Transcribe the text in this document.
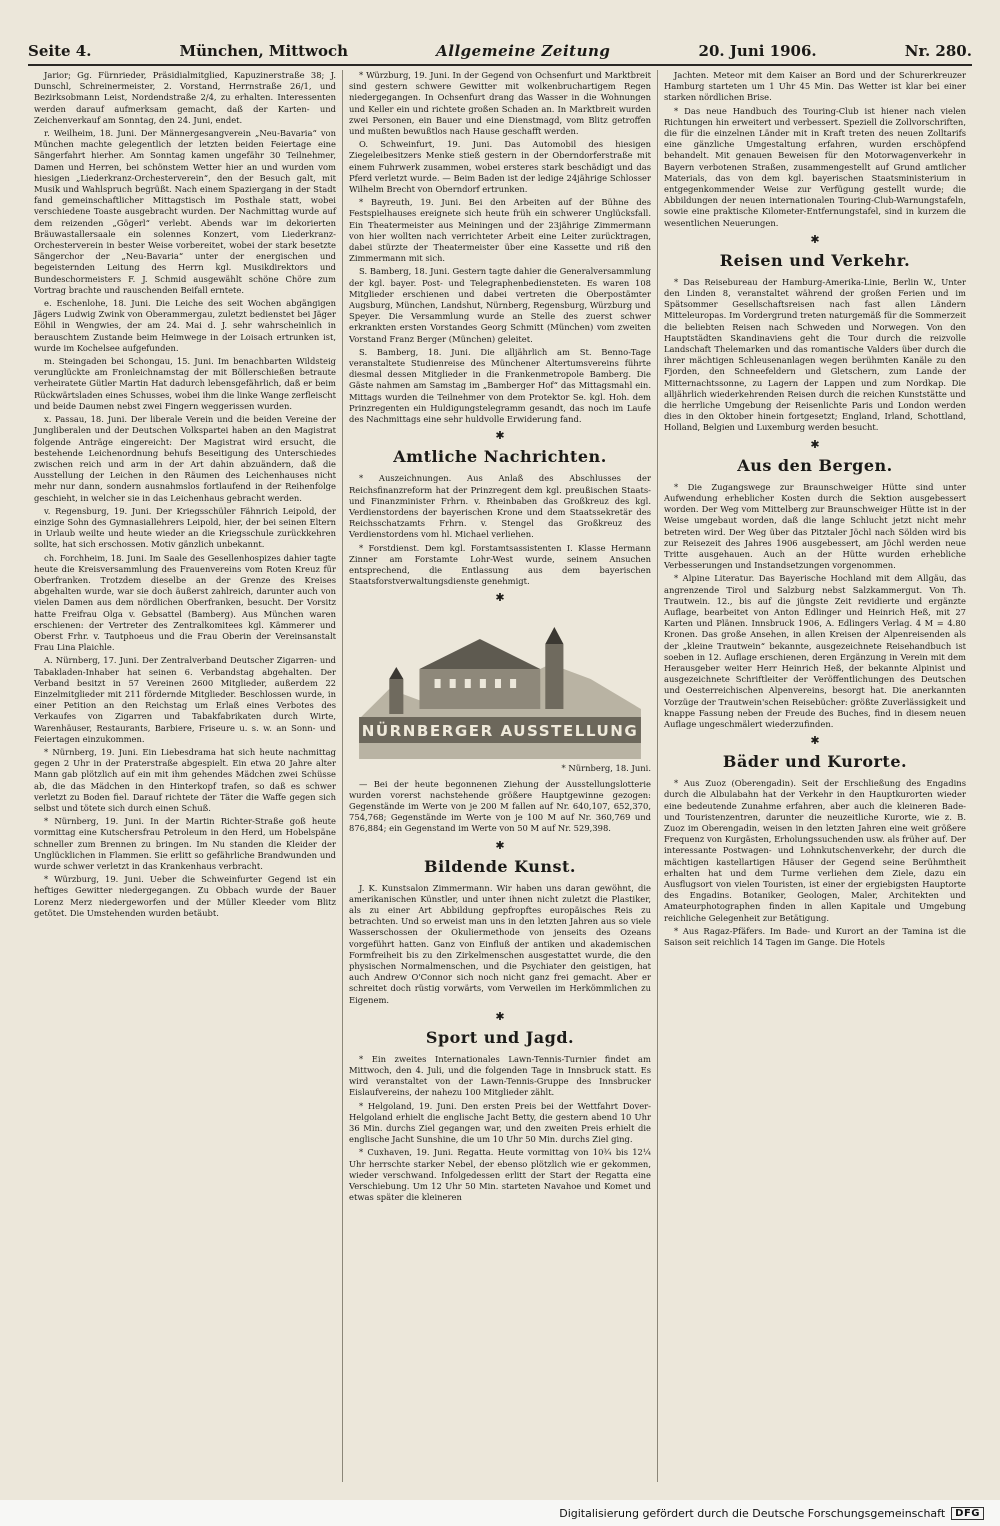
Seite 4.	München, Mittwoch	Allgemeine Zeitung	20. Juni 1906.	Nr. 280.

Jarior; Gg. Fürnrieder, Präsidialmitglied, Kapuzinerstraße 38; J. Dunschl, Schreinermeister, 2. Vorstand, Herrnstraße 26/1, und Bezirksobmann Leist, Nordendstraße 2/4, zu erhalten. Interessenten werden darauf aufmerksam gemacht, daß der Karten- und Zeichenverkauf am Sonntag, den 24. Juni, endet.

r. Weilheim, 18. Juni. Der Männergesangverein „Neu-Bavaria“ von München machte gelegentlich der letzten beiden Feiertage eine Sängerfahrt hierher. Am Sonntag kamen ungefähr 30 Teilnehmer, Damen und Herren, bei schönstem Wetter hier an und wurden vom hiesigen „Liederkranz-Orchesterverein“, den der Besuch galt, mit Musik und Wahlspruch begrüßt. Nach einem Spaziergang in der Stadt fand gemeinschaftlicher Mittagstisch im Posthale statt, wobei verschiedene Toaste ausgebracht wurden. Der Nachmittag wurde auf dem reizenden „Gögerl“ verlebt. Abends war im dekorierten Bräuwastallersaale ein solennes Konzert, vom Liederkranz-Orchesterverein in bester Weise vorbereitet, wobei der stark besetzte Sängerchor der „Neu-Bavaria“ unter der energischen und begeisternden Leitung des Herrn kgl. Musikdirektors und Bundeschormeisters F. J. Schmid ausgewählt schöne Chöre zum Vortrag brachte und rauschenden Beifall erntete.

e. Eschenlohe, 18. Juni. Die Leiche des seit Wochen abgängigen Jägers Ludwig Zwink von Oberammergau, zuletzt bedienstet bei Jäger Eöhil in Wengwies, der am 24. Mai d. J. sehr wahrscheinlich in berauschtem Zustande beim Heimwege in der Loisach ertrunken ist, wurde im Kochelsee aufgefunden.

m. Steingaden bei Schongau, 15. Juni. Im benachbarten Wildsteig verunglückte am Fronleichnamstag der mit Böllerschießen betraute verheiratete Gütler Martin Hat dadurch lebensgefährlich, daß er beim Rückwärtsladen eines Schusses, wobei ihm die linke Wange zerfleischt und beide Daumen nebst zwei Fingern weggerissen wurden.

x. Passau, 18. Juni. Der liberale Verein und die beiden Vereine der Jungliberalen und der Deutschen Volkspartei haben an den Magistrat folgende Anträge eingereicht: Der Magistrat wird ersucht, die bestehende Leichenordnung behufs Beseitigung des Unterschiedes zwischen reich und arm in der Art dahin abzuändern, daß die Ausstellung der Leichen in den Räumen des Leichenhauses nicht mehr nur dann, sondern ausnahmslos fortlaufend in der Reihenfolge geschieht, in welcher sie in das Leichenhaus gebracht werden.

v. Regensburg, 19. Juni. Der Kriegsschüler Fähnrich Leipold, der einzige Sohn des Gymnasiallehrers Leipold, hier, der bei seinen Eltern in Urlaub weilte und heute wieder an die Kriegsschule zurückkehren sollte, hat sich erschossen. Motiv gänzlich unbekannt.

ch. Forchheim, 18. Juni. Im Saale des Gesellenhospizes dahier tagte heute die Kreisversammlung des Frauenvereins vom Roten Kreuz für Oberfranken. Trotzdem dieselbe an der Grenze des Kreises abgehalten wurde, war sie doch äußerst zahlreich, darunter auch von vielen Damen aus dem nördlichen Oberfranken, besucht. Der Vorsitz hatte Freifrau Olga v. Gebsattel (Bamberg). Aus München waren erschienen: der Vertreter des Zentralkomitees kgl. Kämmerer und Oberst Frhr. v. Tautphoeus und die Frau Oberin der Vereinsanstalt Frau Lina Plaichle.

A. Nürnberg, 17. Juni. Der Zentralverband Deutscher Zigarren- und Tabakladen-Inhaber hat seinen 6. Verbandstag abgehalten. Der Verband besitzt in 57 Vereinen 2600 Mitglieder, außerdem 22 Einzelmitglieder mit 211 fördernde Mitglieder. Beschlossen wurde, in einer Petition an den Reichstag um Erlaß eines Verbotes des Verkaufes von Zigarren und Tabakfabrikaten durch Wirte, Warenhäuser, Restaurants, Barbiere, Friseure u. s. w. an Sonn- und Feiertagen einzukommen.

* Nürnberg, 19. Juni. Ein Liebesdrama hat sich heute nachmittag gegen 2 Uhr in der Praterstraße abgespielt. Ein etwa 20 Jahre alter Mann gab plötzlich auf ein mit ihm gehendes Mädchen zwei Schüsse ab, die das Mädchen in den Hinterkopf trafen, so daß es schwer verletzt zu Boden fiel. Darauf richtete der Täter die Waffe gegen sich selbst und tötete sich durch einen Schuß.

* Nürnberg, 19. Juni. In der Martin Richter-Straße goß heute vormittag eine Kutschersfrau Petroleum in den Herd, um Hobelspäne schneller zum Brennen zu bringen. Im Nu standen die Kleider der Unglücklichen in Flammen. Sie erlitt so gefährliche Brandwunden und wurde schwer verletzt in das Krankenhaus verbracht.

* Würzburg, 19. Juni. Ueber die Schweinfurter Gegend ist ein heftiges Gewitter niedergegangen. Zu Obbach wurde der Bauer Lorenz Merz niedergeworfen und der Müller Kleeder vom Blitz getötet. Die Umstehenden wurden betäubt.

* Würzburg, 19. Juni. In der Gegend von Ochsenfurt und Marktbreit sind gestern schwere Gewitter mit wolkenbruchartigem Regen niedergegangen. In Ochsenfurt drang das Wasser in die Wohnungen und Keller ein und richtete großen Schaden an. In Marktbreit wurden zwei Personen, ein Bauer und eine Dienstmagd, vom Blitz getroffen und mußten bewußtlos nach Hause geschafft werden.

O. Schweinfurt, 19. Juni. Das Automobil des hiesigen Ziegeleibesitzers Menke stieß gestern in der Oberndorferstraße mit einem Fuhrwerk zusammen, wobei ersteres stark beschädigt und das Pferd verletzt wurde. — Beim Baden ist der ledige 24jährige Schlosser Wilhelm Brecht von Oberndorf ertrunken.

* Bayreuth, 19. Juni. Bei den Arbeiten auf der Bühne des Festspielhauses ereignete sich heute früh ein schwerer Unglücksfall. Ein Theatermeister aus Meiningen und der 23jährige Zimmermann von hier wollten nach verrichteter Arbeit eine Leiter zurücktragen, dabei stürzte der Theatermeister über eine Kassette und riß den Zimmermann mit sich.

S. Bamberg, 18. Juni. Gestern tagte dahier die Generalversammlung der kgl. bayer. Post- und Telegraphenbediensteten. Es waren 108 Mitglieder erschienen und dabei vertreten die Oberpostämter Augsburg, München, Landshut, Nürnberg, Regensburg, Würzburg und Speyer. Die Versammlung wurde an Stelle des zuerst schwer erkrankten ersten Vorstandes Georg Schmitt (München) vom zweiten Vorstand Franz Berger (München) geleitet.

S. Bamberg, 18. Juni. Die alljährlich am St. Benno-Tage veranstaltete Studienreise des Münchener Altertumsvereins führte diesmal dessen Mitglieder in die Frankenmetropole Bamberg. Die Gäste nahmen am Samstag im „Bamberger Hof“ das Mittagsmahl ein. Mittags wurden die Teilnehmer von dem Protektor Se. kgl. Hoh. dem Prinzregenten ein Huldigungstelegramm gesandt, das noch im Laufe des Nachmittags eine sehr huldvolle Erwiderung fand.

✱
Amtliche Nachrichten.

* Auszeichnungen. Aus Anlaß des Abschlusses der Reichsfinanzreform hat der Prinzregent dem kgl. preußischen Staats- und Finanzminister Frhrn. v. Rheinbaben das Großkreuz des kgl. Verdienstordens der bayerischen Krone und dem Staatssekretär des Reichsschatzamts Frhrn. v. Stengel das Großkreuz des Verdienstordens vom hl. Michael verliehen.

* Forstdienst. Dem kgl. Forstamtsassistenten I. Klasse Hermann Zinner am Forstamte Lohr-West wurde, seinem Ansuchen entsprechend, die Entlassung aus dem bayerischen Staatsforstverwaltungsdienste genehmigt.

✱
NÜRNBERGER AUSSTELLUNG
* Nürnberg, 18. Juni.

— Bei der heute begonnenen Ziehung der Ausstellungslotterie wurden vorerst nachstehende größere Hauptgewinne gezogen: Gegenstände im Werte von je 200 M fallen auf Nr. 640,107, 652,370, 754,768; Gegenstände im Werte von je 100 M auf Nr. 360,769 und 876,884; ein Gegenstand im Werte von 50 M auf Nr. 529,398.

✱
Bildende Kunst.

J. K. Kunstsalon Zimmermann. Wir haben uns daran gewöhnt, die amerikanischen Künstler, und unter ihnen nicht zuletzt die Plastiker, als zu einer Art Abbildung gepfropftes europäisches Reis zu betrachten. Und so erweist man uns in den letzten Jahren aus so viele Wasserschossen der Okuliermethode von jenseits des Ozeans vorgeführt hatten. Ganz von Einfluß der antiken und akademischen Formfreiheit bis zu den Zirkelmenschen ausgestattet wurde, die den physischen Normalmenschen, und die Psychiater den geistigen, hat auch Andrew O'Connor sich noch nicht ganz frei gemacht. Aber er schreitet doch rüstig vorwärts, vom Verweilen im Herkömmlichen zu Eigenem.

✱
Sport und Jagd.

* Ein zweites Internationales Lawn-Tennis-Turnier findet am Mittwoch, den 4. Juli, und die folgenden Tage in Innsbruck statt. Es wird veranstaltet von der Lawn-Tennis-Gruppe des Innsbrucker Eislaufvereins, der nahezu 100 Mitglieder zählt.

* Helgoland, 19. Juni. Den ersten Preis bei der Wettfahrt Dover-Helgoland erhielt die englische Jacht Betty, die gestern abend 10 Uhr 36 Min. durchs Ziel gegangen war, und den zweiten Preis erhielt die englische Jacht Sunshine, die um 10 Uhr 50 Min. durchs Ziel ging.

* Cuxhaven, 19. Juni. Regatta. Heute vormittag von 10¾ bis 12¼ Uhr herrschte starker Nebel, der ebenso plötzlich wie er gekommen, wieder verschwand. Infolgedessen erlitt der Start der Regatta eine Verschiebung. Um 12 Uhr 50 Min. starteten Navahoe und Komet und etwas später die kleineren

Jachten. Meteor mit dem Kaiser an Bord und der Schurerkreuzer Hamburg starteten um 1 Uhr 45 Min. Das Wetter ist klar bei einer starken nördlichen Brise.

* Das neue Handbuch des Touring-Club ist hiener nach vielen Richtungen hin erweitert und verbessert. Speziell die Zollvorschriften, die für die einzelnen Länder mit in Kraft treten des neuen Zolltarifs eine gänzliche Umgestaltung erfahren, wurden erschöpfend behandelt. Mit genauen Beweisen für den Motorwagenverkehr in Bayern verbotenen Straßen, zusammengestellt auf Grund amtlicher Materials, das von dem kgl. bayerischen Staatsministerium in entgegenkommender Weise zur Verfügung gestellt wurde; die Abbildungen der neuen internationalen Touring-Club-Warnungstafeln, sowie eine praktische Kilometer-Entfernungstafel, sind in kurzem die wesentlichen Neuerungen.

✱
Reisen und Verkehr.

* Das Reisebureau der Hamburg-Amerika-Linie, Berlin W., Unter den Linden 8, veranstaltet während der großen Ferien und im Spätsommer Gesellschaftsreisen nach fast allen Ländern Mitteleuropas. Im Vordergrund treten naturgemäß für die Sommerzeit die beliebten Reisen nach Schweden und Norwegen. Von den Hauptstädten Skandinaviens geht die Tour durch die reizvolle Landschaft Thelemarken und das romantische Valders über durch die ihrer mächtigen Schleusenanlagen wegen berühmten Kanäle zu den Fjorden, den Schneefeldern und Gletschern, zum Lande der Mitternachtssonne, zu Lagern der Lappen und zum Nordkap. Die alljährlich wiederkehrenden Reisen durch die reichen Kunststätte und die herrliche Umgebung der Reisenlichte Paris und London werden dies in den Oktober hinein fortgesetzt; England, Irland, Schottland, Holland, Belgien und Luxemburg werden besucht.

✱
Aus den Bergen.

* Die Zugangswege zur Braunschweiger Hütte sind unter Aufwendung erheblicher Kosten durch die Sektion ausgebessert worden. Der Weg vom Mittelberg zur Braunschweiger Hütte ist in der Weise umgebaut worden, daß die lange Schlucht jetzt nicht mehr betreten wird. Der Weg über das Pitztaler Jöchl nach Sölden wird bis zur Reisezeit des Jahres 1906 ausgebessert, am Jöchl werden neue Tritte ausgehauen. Auch an der Hütte wurden erhebliche Verbesserungen und Instandsetzungen vorgenommen.

* Alpine Literatur. Das Bayerische Hochland mit dem Allgäu, das angrenzende Tirol und Salzburg nebst Salzkammergut. Von Th. Trautwein. 12., bis auf die jüngste Zeit revidierte und ergänzte Auflage, bearbeitet von Anton Edlinger und Heinrich Heß, mit 27 Karten und Plänen. Innsbruck 1906, A. Edlingers Verlag. 4 M = 4.80 Kronen. Das große Ansehen, in allen Kreisen der Alpenreisenden als der „kleine Trautwein“ bekannte, ausgezeichnete Reisehandbuch ist soeben in 12. Auflage erschienen, deren Ergänzung in Verein mit dem Herausgeber weiter Herr Heinrich Heß, der bekannte Alpinist und ausgezeichnete Schriftleiter der Veröffentlichungen des Deutschen und Oesterreichischen Alpenvereins, besorgt hat. Die anerkannten Vorzüge der Trautwein'schen Reisebücher: größte Zuverlässigkeit und knappe Fassung neben der Freude des Buches, find in diesem neuen Auflage ungeschmälert wiederzufinden.

✱
Bäder und Kurorte.

* Aus Zuoz (Oberengadin). Seit der Erschließung des Engadins durch die Albulabahn hat der Verkehr in den Hauptkurorten wieder eine bedeutende Zunahme erfahren, aber auch die kleineren Bade- und Touristenzentren, darunter die neuzeitliche Kurorte, wie z. B. Zuoz im Oberengadin, weisen in den letzten Jahren eine weit größere Frequenz von Kurgästen, Erholungssuchenden usw. als früher auf. Der interessante Postwagen- und Lohnkutschenverkehr, der durch die mächtigen kastellartigen Häuser der Gegend seine Berühmtheit erhalten hat und dem Turme verliehen dem Ziele, dazu ein Ausflugsort von vielen Touristen, ist einer der ergiebigsten Hauptorte des Engadins. Botaniker, Geologen, Maler, Architekten und Amateurphotographen finden in allen Kapitale und Umgebung reichliche Gelegenheit zur Betätigung.

* Aus Ragaz-Pfäfers. Im Bade- und Kurort an der Tamina ist die Saison seit reichlich 14 Tagen im Gange. Die Hotels

Digitalisierung gefördert durch die Deutsche Forschungsgemeinschaft	DFG
